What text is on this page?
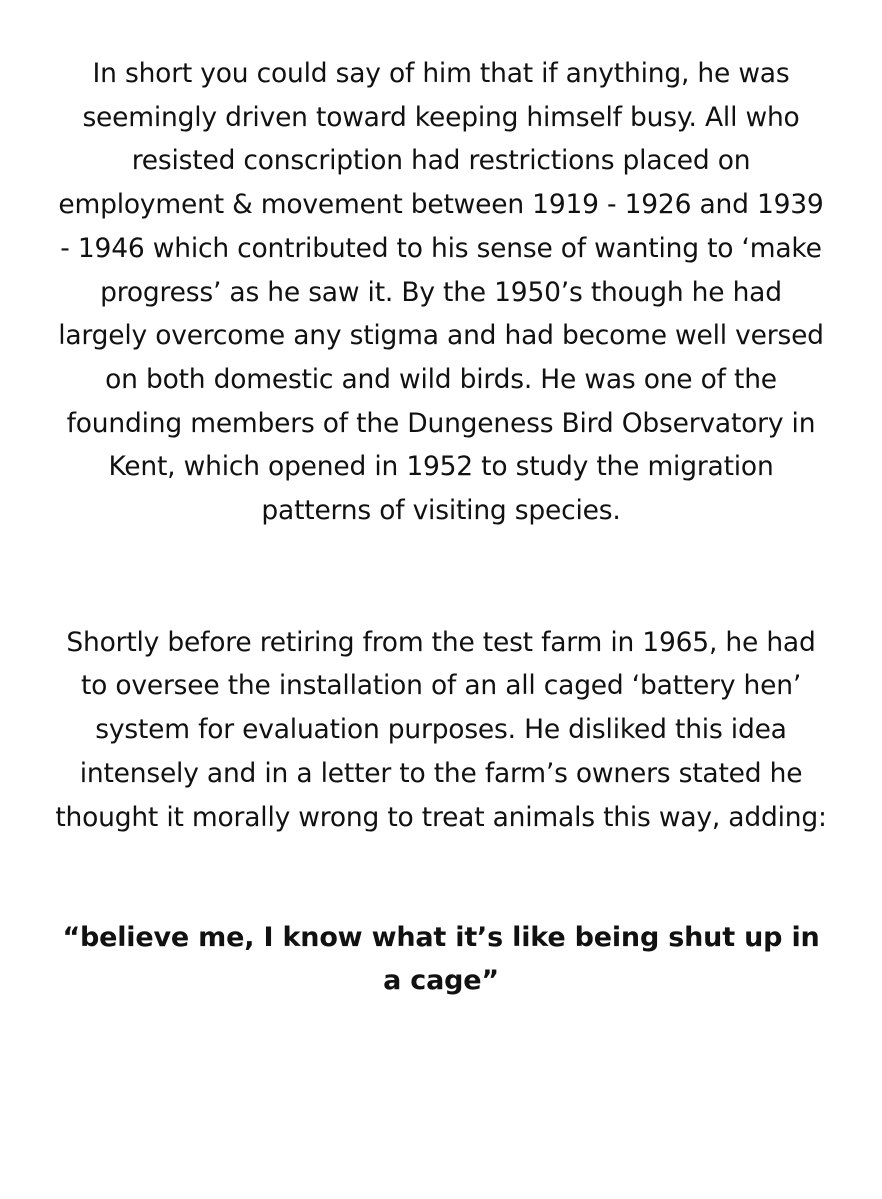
In short you could say of him that if anything, he was seemingly driven toward keeping himself busy. All who resisted conscription had restrictions placed on employment & movement between 1919 - 1926 and 1939 - 1946 which contributed to his sense of wanting to ‘make progress’ as he saw it. By the 1950’s though he had largely overcome any stigma and had become well versed on both domestic and wild birds. He was one of the founding members of the Dungeness Bird Observatory in Kent, which opened in 1952 to study the migration patterns of visiting species.

Shortly before retiring from the test farm in 1965, he had to oversee the installation of an all caged ‘battery hen’ system for evaluation purposes. He disliked this idea intensely and in a letter to the farm’s owners stated he thought it morally wrong to treat animals this way, adding:

“believe me, I know what it’s like being shut up in a cage”
